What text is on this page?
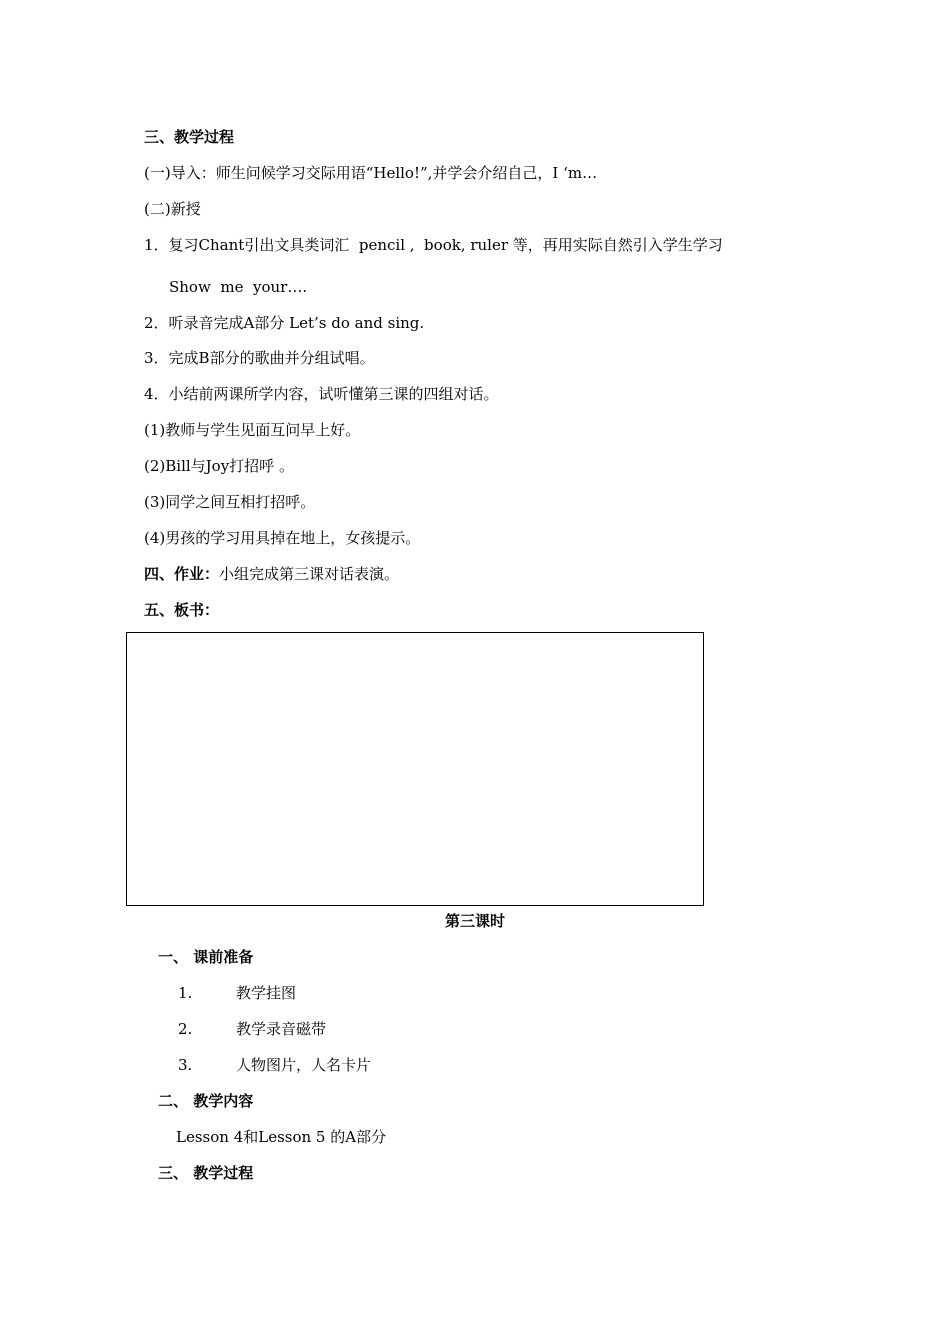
三、教学过程
(一)导入：师生问候学习交际用语“Hello!”,并学会介绍自己，I ‘m…
(二)新授
1．复习Chant引出文具类词汇  pencil ,  book, ruler 等，再用实际自然引入学生学习
Show  me  your….
2．听录音完成A部分 Let’s do and sing.
3．完成B部分的歌曲并分组试唱。
4．小结前两课所学内容，试听懂第三课的四组对话。
(1)教师与学生见面互问早上好。
(2)Bill与Joy打招呼 。
(3)同学之间互相打招呼。
(4)男孩的学习用具掉在地上，女孩提示。
四、作业：小组完成第三课对话表演。
五、板书：
第三课时
一、 课前准备
1.	教学挂图
2.	教学录音磁带
3.	人物图片，人名卡片
二、 教学内容
Lesson 4和Lesson 5 的A部分
三、 教学过程
